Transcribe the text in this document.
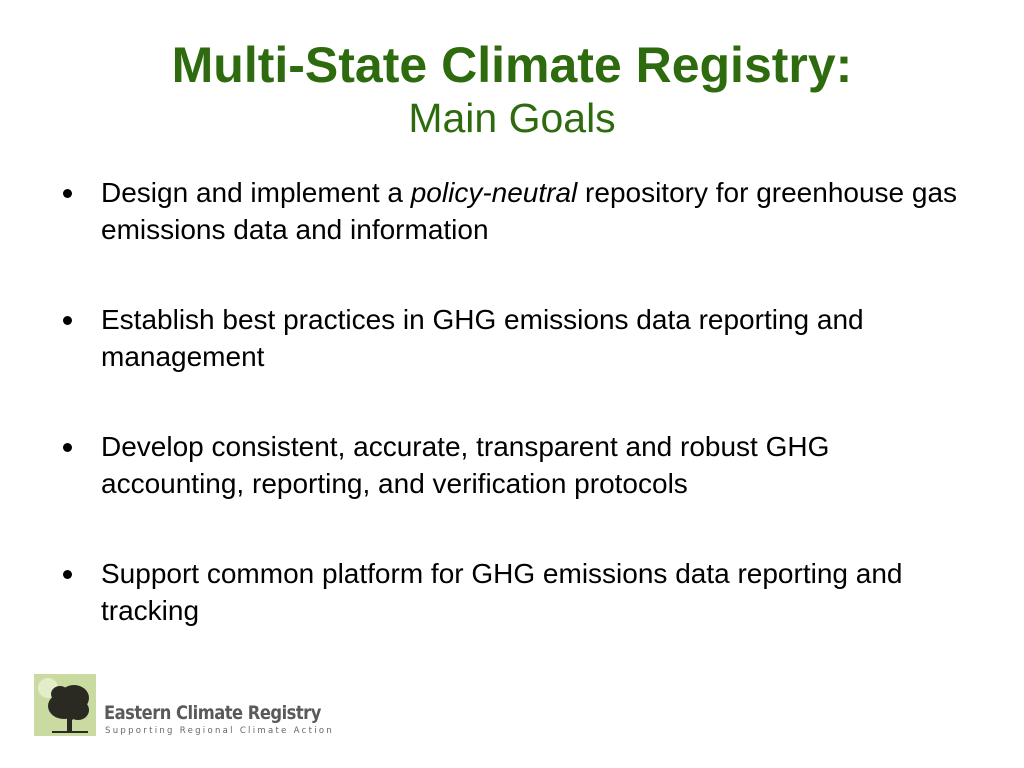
Multi-State Climate Registry:
Main Goals
Design and implement a policy-neutral repository for greenhouse gas emissions data and information
Establish best practices in GHG emissions data reporting and management
Develop consistent, accurate, transparent and robust GHG accounting, reporting, and verification protocols
Support common platform for GHG emissions data reporting and tracking
Eastern Climate Registry
Supporting Regional Climate Action
